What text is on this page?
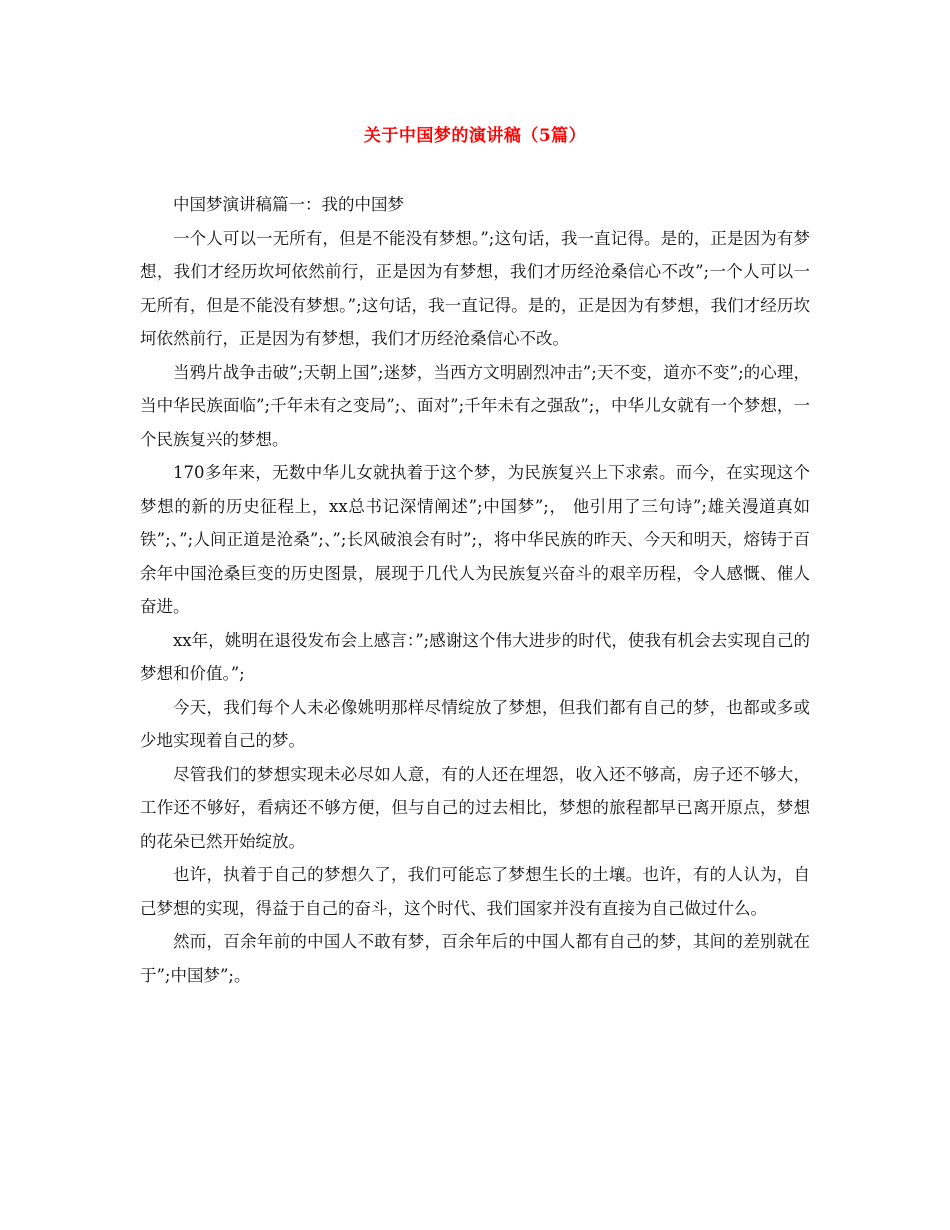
关于中国梦的演讲稿（5篇）

中国梦演讲稿篇一：我的中国梦

一个人可以一无所有，但是不能没有梦想。”;这句话，我一直记得。是的，正是因为有梦想，我们才经历坎坷依然前行，正是因为有梦想，我们才历经沧桑信心不改”;一个人可以一无所有，但是不能没有梦想。”;这句话，我一直记得。是的，正是因为有梦想，我们才经历坎坷依然前行，正是因为有梦想，我们才历经沧桑信心不改。

当鸦片战争击破”;天朝上国”;迷梦，当西方文明剧烈冲击”;天不变，道亦不变”;的心理，当中华民族面临”;千年未有之变局”;、面对”;千年未有之强敌”;，中华儿女就有一个梦想，一个民族复兴的梦想。

170多年来，无数中华儿女就执着于这个梦，为民族复兴上下求索。而今，在实现这个梦想的新的历史征程上，xx总书记深情阐述”;中国梦”;， 他引用了三句诗”;雄关漫道真如铁”;、”;人间正道是沧桑”;、”;长风破浪会有时”;，将中华民族的昨天、今天和明天，熔铸于百余年中国沧桑巨变的历史图景，展现于几代人为民族复兴奋斗的艰辛历程，令人感慨、催人奋进。

xx年，姚明在退役发布会上感言：”;感谢这个伟大进步的时代，使我有机会去实现自己的梦想和价值。”;

今天，我们每个人未必像姚明那样尽情绽放了梦想，但我们都有自己的梦，也都或多或少地实现着自己的梦。

尽管我们的梦想实现未必尽如人意，有的人还在埋怨，收入还不够高，房子还不够大，工作还不够好，看病还不够方便，但与自己的过去相比，梦想的旅程都早已离开原点，梦想的花朵已然开始绽放。

也许，执着于自己的梦想久了，我们可能忘了梦想生长的土壤。也许，有的人认为，自己梦想的实现，得益于自己的奋斗，这个时代、我们国家并没有直接为自己做过什么。

然而，百余年前的中国人不敢有梦，百余年后的中国人都有自己的梦，其间的差别就在于”;中国梦”;。
